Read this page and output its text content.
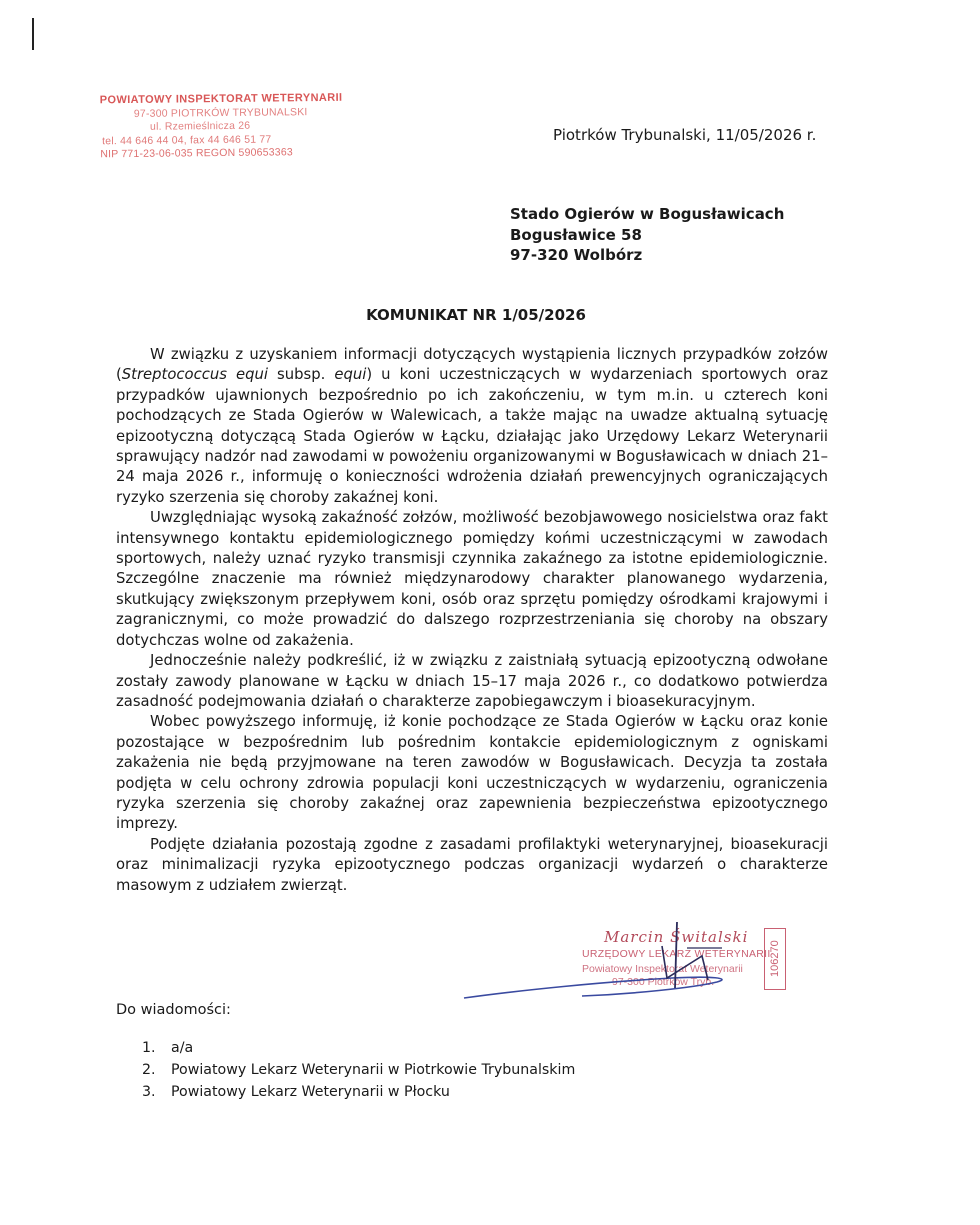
POWIATOWY INSPEKTORAT WETERYNARII
97-300 PIOTRKÓW TRYBUNALSKI
ul. Rzemieślnicza 26
tel. 44 646 44 04, fax 44 646 51 77
NIP 771-23-06-035 REGON 590653363
Piotrków Trybunalski, 11/05/2026 r.
Stado Ogierów w Bogusławicach
Bogusławice 58
97-320 Wolbórz
KOMUNIKAT NR 1/05/2026

W związku z uzyskaniem informacji dotyczących wystąpienia licznych przypadków zołzów (Streptococcus equi subsp. equi) u koni uczestniczących w wydarzeniach sportowych oraz przypadków ujawnionych bezpośrednio po ich zakończeniu, w tym m.in. u czterech koni pochodzących ze Stada Ogierów w Walewicach, a także mając na uwadze aktualną sytuację epizootyczną dotyczącą Stada Ogierów w Łącku, działając jako Urzędowy Lekarz Weterynarii sprawujący nadzór nad zawodami w powożeniu organizowanymi w Bogusławicach w dniach 21–24 maja 2026 r., informuję o konieczności wdrożenia działań prewencyjnych ograniczających ryzyko szerzenia się choroby zakaźnej koni.

Uwzględniając wysoką zakaźność zołzów, możliwość bezobjawowego nosicielstwa oraz fakt intensywnego kontaktu epidemiologicznego pomiędzy końmi uczestniczącymi w zawodach sportowych, należy uznać ryzyko transmisji czynnika zakaźnego za istotne epidemiologicznie. Szczególne znaczenie ma również międzynarodowy charakter planowanego wydarzenia, skutkujący zwiększonym przepływem koni, osób oraz sprzętu pomiędzy ośrodkami krajowymi i zagranicznymi, co może prowadzić do dalszego rozprzestrzeniania się choroby na obszary dotychczas wolne od zakażenia.

Jednocześnie należy podkreślić, iż w związku z zaistniałą sytuacją epizootyczną odwołane zostały zawody planowane w Łącku w dniach 15–17 maja 2026 r., co dodatkowo potwierdza zasadność podejmowania działań o charakterze zapobiegawczym i bioasekuracyjnym.

Wobec powyższego informuję, iż konie pochodzące ze Stada Ogierów w Łącku oraz konie pozostające w bezpośrednim lub pośrednim kontakcie epidemiologicznym z ogniskami zakażenia nie będą przyjmowane na teren zawodów w Bogusławicach. Decyzja ta została podjęta w celu ochrony zdrowia populacji koni uczestniczących w wydarzeniu, ograniczenia ryzyka szerzenia się choroby zakaźnej oraz zapewnienia bezpieczeństwa epizootycznego imprezy.

Podjęte działania pozostają zgodne z zasadami profilaktyki weterynaryjnej, bioasekuracji oraz minimalizacji ryzyka epizootycznego podczas organizacji wydarzeń o charakterze masowym z udziałem zwierząt.

Marcin Świtalski
URZĘDOWY LEKARZ WETERYNARII
Powiatowy Inspektorat Weterynarii
97-300 Piotrków Tryb.
106270
Do wiadomości:
1. a/a
2. Powiatowy Lekarz Weterynarii w Piotrkowie Trybunalskim
3. Powiatowy Lekarz Weterynarii w Płocku
